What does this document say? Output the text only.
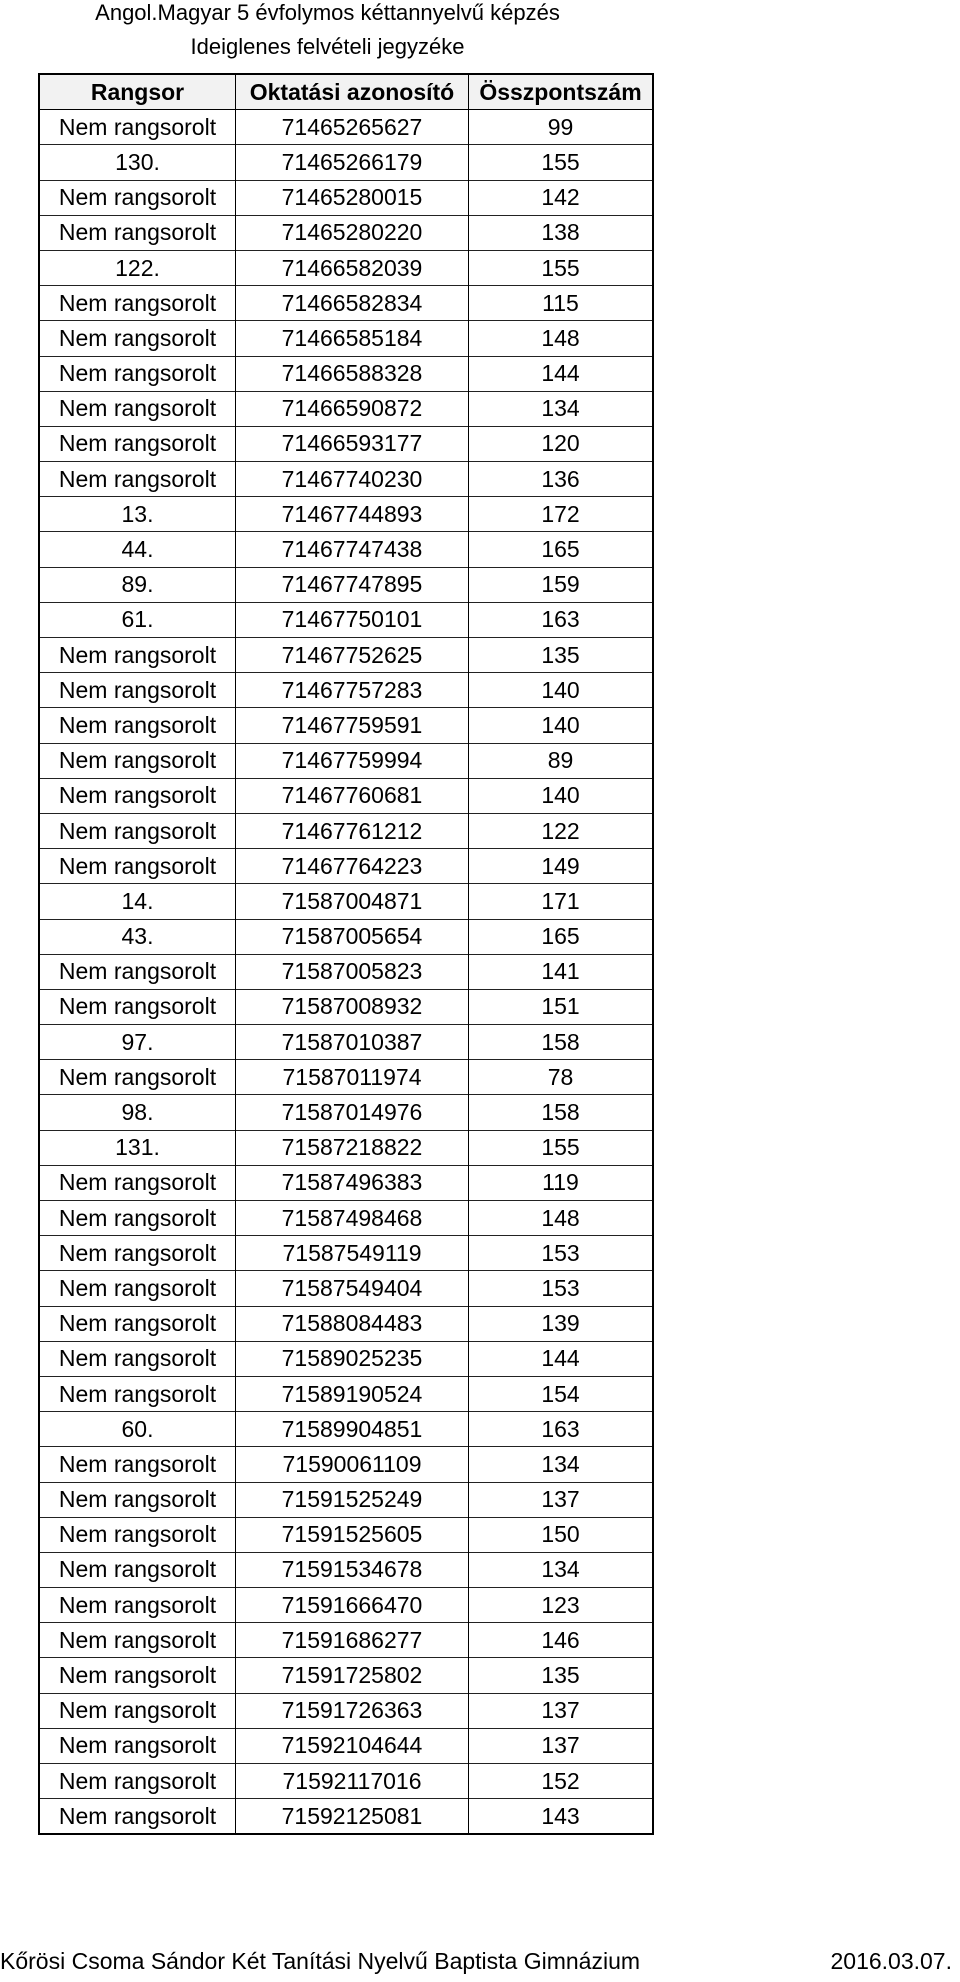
Angol.Magyar 5 évfolymos kéttannyelvű képzés
Ideiglenes felvételi jegyzéke
Rangsor	Oktatási azonosító	Összpontszám
Nem rangsorolt	71465265627	99
130.	71465266179	155
Nem rangsorolt	71465280015	142
Nem rangsorolt	71465280220	138
122.	71466582039	155
Nem rangsorolt	71466582834	115
Nem rangsorolt	71466585184	148
Nem rangsorolt	71466588328	144
Nem rangsorolt	71466590872	134
Nem rangsorolt	71466593177	120
Nem rangsorolt	71467740230	136
13.	71467744893	172
44.	71467747438	165
89.	71467747895	159
61.	71467750101	163
Nem rangsorolt	71467752625	135
Nem rangsorolt	71467757283	140
Nem rangsorolt	71467759591	140
Nem rangsorolt	71467759994	89
Nem rangsorolt	71467760681	140
Nem rangsorolt	71467761212	122
Nem rangsorolt	71467764223	149
14.	71587004871	171
43.	71587005654	165
Nem rangsorolt	71587005823	141
Nem rangsorolt	71587008932	151
97.	71587010387	158
Nem rangsorolt	71587011974	78
98.	71587014976	158
131.	71587218822	155
Nem rangsorolt	71587496383	119
Nem rangsorolt	71587498468	148
Nem rangsorolt	71587549119	153
Nem rangsorolt	71587549404	153
Nem rangsorolt	71588084483	139
Nem rangsorolt	71589025235	144
Nem rangsorolt	71589190524	154
60.	71589904851	163
Nem rangsorolt	71590061109	134
Nem rangsorolt	71591525249	137
Nem rangsorolt	71591525605	150
Nem rangsorolt	71591534678	134
Nem rangsorolt	71591666470	123
Nem rangsorolt	71591686277	146
Nem rangsorolt	71591725802	135
Nem rangsorolt	71591726363	137
Nem rangsorolt	71592104644	137
Nem rangsorolt	71592117016	152
Nem rangsorolt	71592125081	143
Kőrösi Csoma Sándor Két Tanítási Nyelvű Baptista Gimnázium	2016.03.07.
